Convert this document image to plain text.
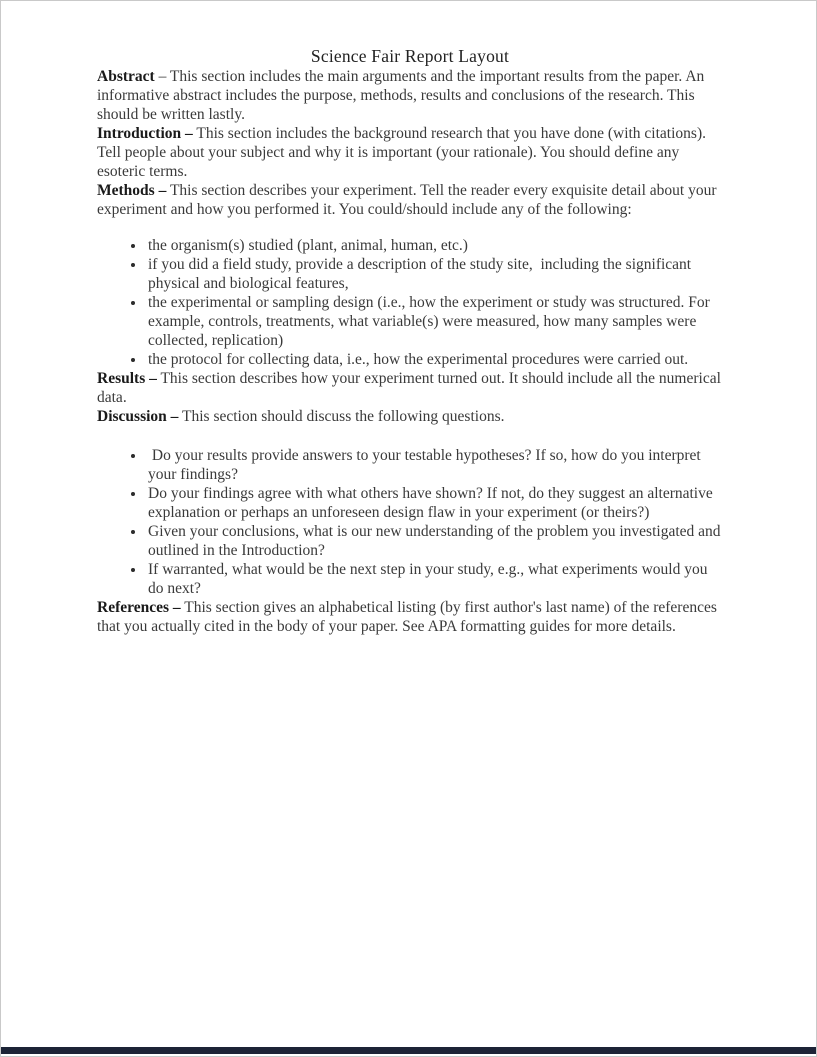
Science Fair Report Layout

Abstract – This section includes the main arguments and the important results from the paper. An informative abstract includes the purpose, methods, results and conclusions of the research. This should be written lastly.

Introduction – This section includes the background research that you have done (with citations). Tell people about your subject and why it is important (your rationale). You should define any esoteric terms.

Methods – This section describes your experiment. Tell the reader every exquisite detail about your experiment and how you performed it. You could/should include any of the following:

• the organism(s) studied (plant, animal, human, etc.)
• if you did a field study, provide a description of the study site,  including the significant physical and biological features,
• the experimental or sampling design (i.e., how the experiment or study was structured. For example, controls, treatments, what variable(s) were measured, how many samples were collected, replication)
• the protocol for collecting data, i.e., how the experimental procedures were carried out.

Results – This section describes how your experiment turned out. It should include all the numerical data.

Discussion – This section should discuss the following questions.

•  Do your results provide answers to your testable hypotheses? If so, how do you interpret your findings?
• Do your findings agree with what others have shown? If not, do they suggest an alternative explanation or perhaps an unforeseen design flaw in your experiment (or theirs?)
• Given your conclusions, what is our new understanding of the problem you investigated and outlined in the Introduction?
• If warranted, what would be the next step in your study, e.g., what experiments would you do next?

References – This section gives an alphabetical listing (by first author's last name) of the references that you actually cited in the body of your paper. See APA formatting guides for more details.
